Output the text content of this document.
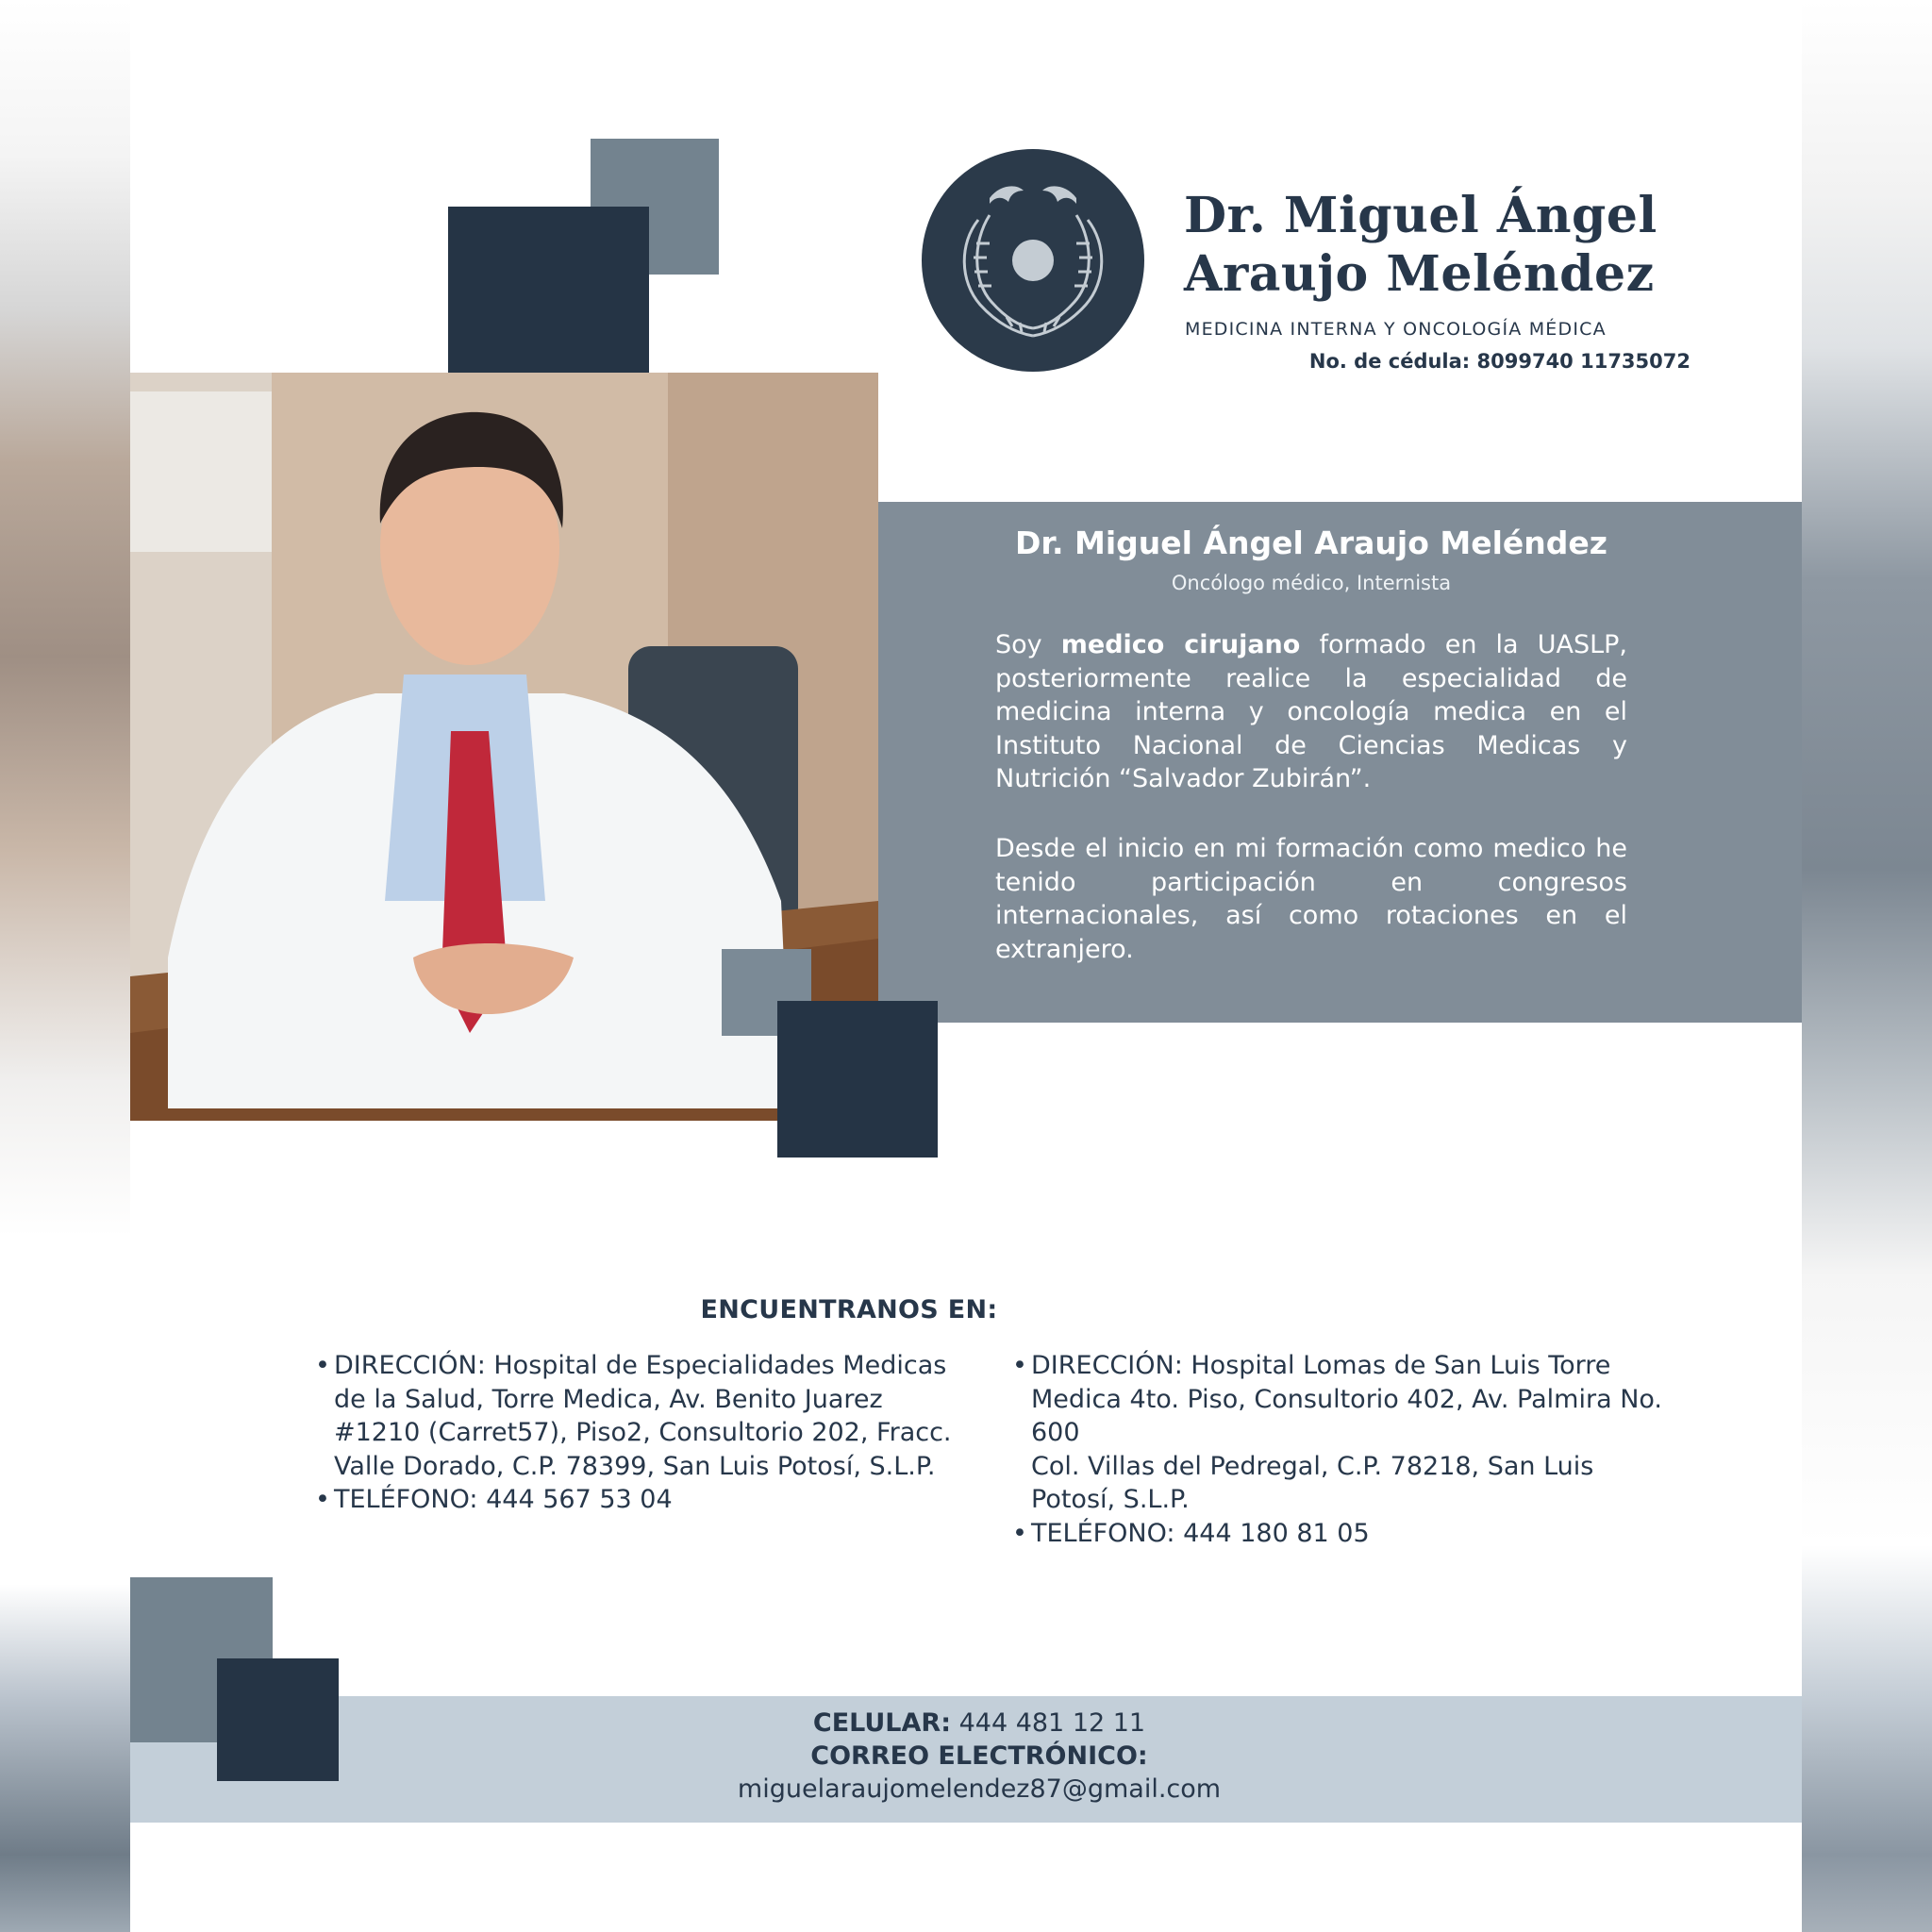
Dr. Miguel Ángel
Araujo Meléndez
MEDICINA INTERNA Y ONCOLOGÍA MÉDICA
No. de cédula: 8099740 11735072
Dr. Miguel Ángel Araujo Meléndez
Oncólogo médico, Internista

Soy medico cirujano formado en la UASLP, posteriormente realice la especialidad de medicina interna y oncología medica en el Instituto Nacional de Ciencias Medicas y Nutrición “Salvador Zubirán”.

Desde el inicio en mi formación como medico he tenido participación en congresos internacionales, así como rotaciones en el extranjero.

ENCUENTRANOS EN:
• DIRECCIÓN: Hospital de Especialidades Medicas de la Salud, Torre Medica, Av. Benito Juarez #1210 (Carret57), Piso2, Consultorio 202, Fracc. Valle Dorado, C.P. 78399, San Luis Potosí, S.L.P.
• TELÉFONO: 444 567 53 04
• DIRECCIÓN: Hospital Lomas de San Luis Torre Medica 4to. Piso, Consultorio 402, Av. Palmira No. 600
Col. Villas del Pedregal, C.P. 78218, San Luis Potosí, S.L.P.
• TELÉFONO: 444 180 81 05
CELULAR: 444 481 12 11
CORREO ELECTRÓNICO:
miguelaraujomelendez87@gmail.com
